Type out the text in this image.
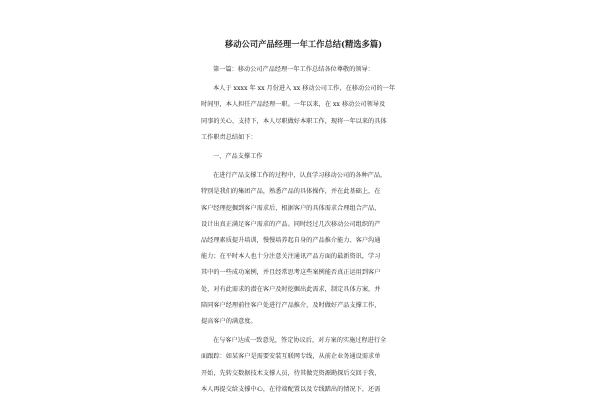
移动公司产品经理一年工作总结(精选多篇)
第一篇：移动公司产品经理一年工作总结各位尊敬的领导：
本人于 xxxx 年 xx 月份进入 xx 移动公司工作，在移动公司的一年
时间里，本人担任产品经理一职。一年以来，在 xx 移动公司领导及
同事的关心、支持下，本人尽职做好本职工作，现将一年以来的具体
工作职责总结如下：
一、产品支撑工作
在进行产品支撑工作的过程中，认真学习移动公司的各种产品，
特别是我们的集团产品，熟悉产品的具体操作，并在此基础上，在
客户经理挖掘到客户需求后，根据客户的具体需求合理组合产品，
设计出真正满足客户需求的产品。同时经过几次移动公司组织的产
品经理素质提升培训，慢慢培养起自身的产品推介能力、客户沟通
能力；在平时本人也十分注意关注通讯产品方面的最新资讯，学习
其中的一些成功案例，并且经常思考这些案例能否真正运用到客户
处，对有此需求的潜在客户及时挖掘出此需求，制定具体方案，并
陪同客户经理前往客户处进行产品推介，及时做好产品支撑工作，
提高客户的满意度。
在与客户达成一致意见，签定协议后，对方案的实施过程进行全
面跟踪：如某客户是需要安装互联网专线，从前企业务通设需求单
开始，先转交数据技术支撑人员，待其做完资源勘探后交回于我，
本人再提交给支撑中心，在待端配置以及专线踏出的情况下，还需
